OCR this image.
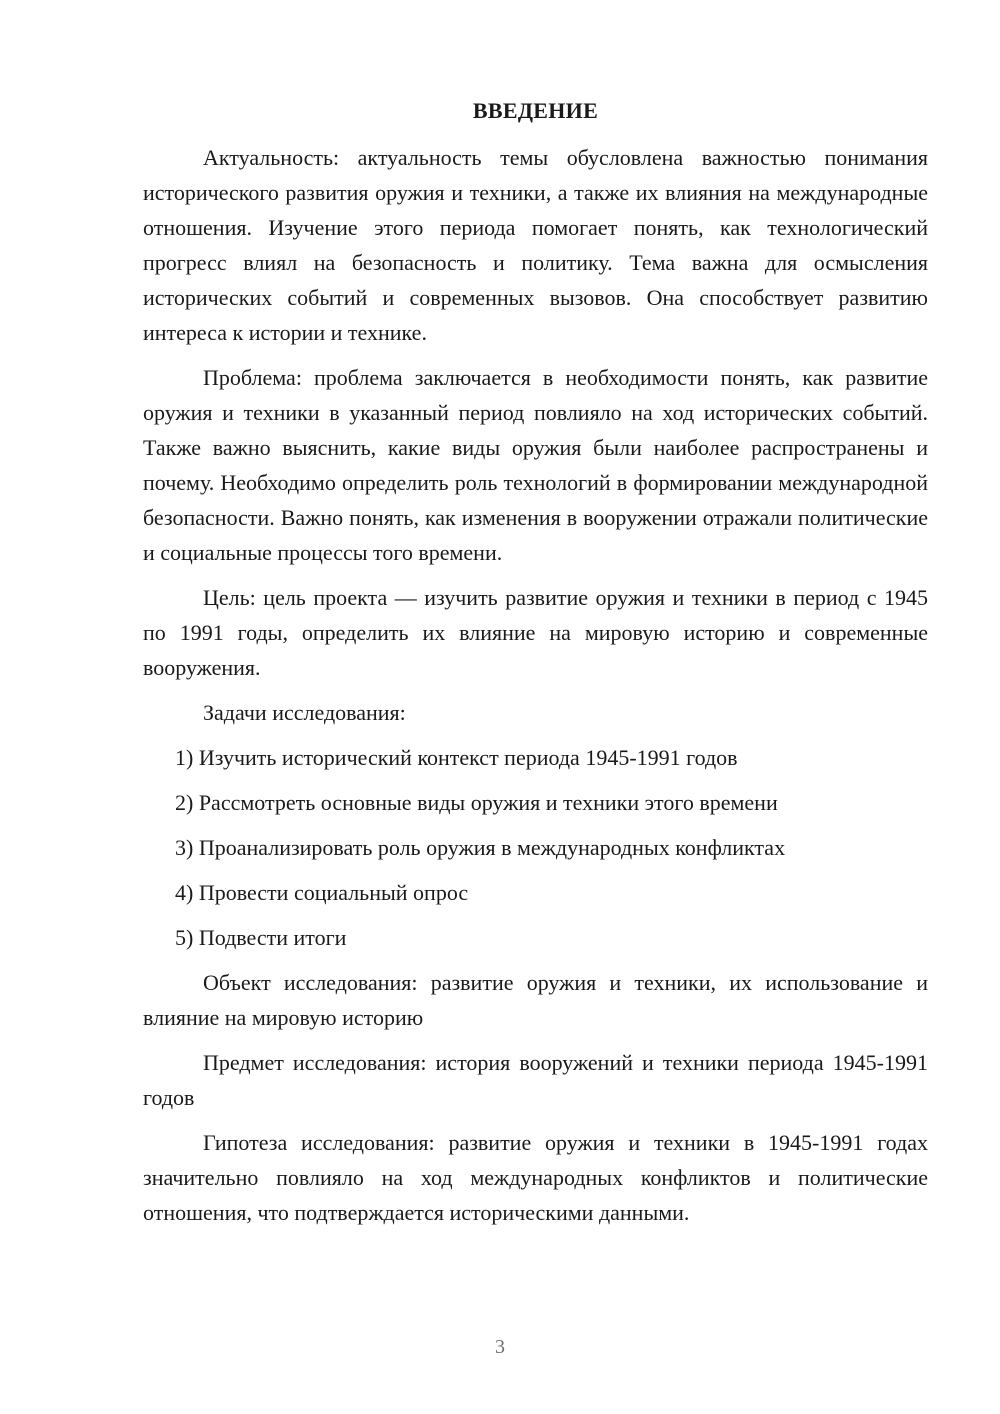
ВВЕДЕНИЕ

Актуальность: актуальность темы обусловлена важностью понимания исторического развития оружия и техники, а также их влияния на международные отношения. Изучение этого периода помогает понять, как технологический прогресс влиял на безопасность и политику. Тема важна для осмысления исторических событий и современных вызовов. Она способствует развитию интереса к истории и технике.

Проблема: проблема заключается в необходимости понять, как развитие оружия и техники в указанный период повлияло на ход исторических событий. Также важно выяснить, какие виды оружия были наиболее распространены и почему. Необходимо определить роль технологий в формировании международной безопасности. Важно понять, как изменения в вооружении отражали политические и социальные процессы того времени.

Цель: цель проекта — изучить развитие оружия и техники в период с 1945 по 1991 годы, определить их влияние на мировую историю и современные вооружения.

Задачи исследования:

1) Изучить исторический контекст периода 1945-1991 годов
2) Рассмотреть основные виды оружия и техники этого времени
3) Проанализировать роль оружия в международных конфликтах
4) Провести социальный опрос
5) Подвести итоги

Объект исследования: развитие оружия и техники, их использование и влияние на мировую историю

Предмет исследования: история вооружений и техники периода 1945-1991 годов

Гипотеза исследования: развитие оружия и техники в 1945-1991 годах значительно повлияло на ход международных конфликтов и политические отношения, что подтверждается историческими данными.

3
